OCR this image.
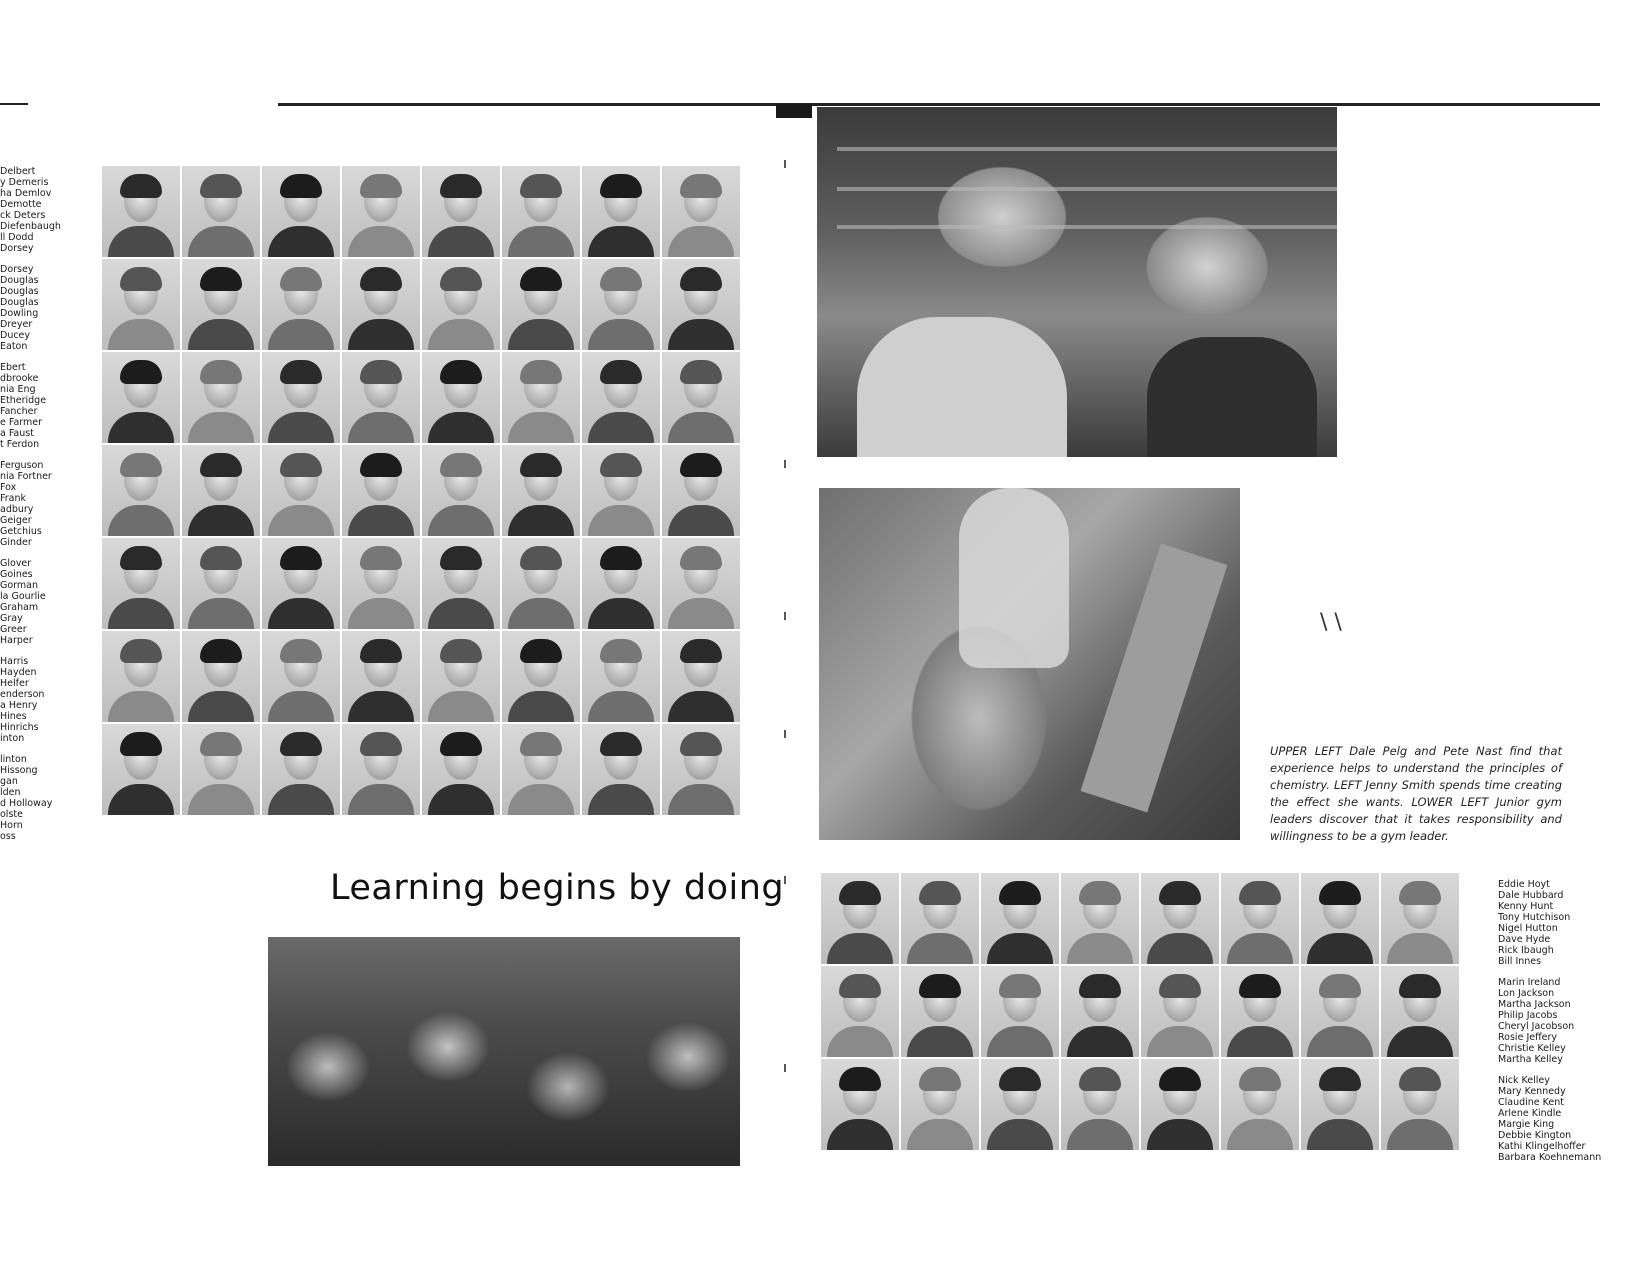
Delbert
y Demeris
ha Demlov
Demotte
ck Deters
Diefenbaugh
ll Dodd
Dorsey
Dorsey
Douglas
Douglas
Douglas
Dowling
Dreyer
Ducey
Eaton
Ebert
dbrooke
nia Eng
Etheridge
Fancher
e Farmer
a Faust
t Ferdon
Ferguson
nia Fortner
Fox
Frank
adbury
Geiger
Getchius
Ginder
Glover
Goines
Gorman
la Gourlie
Graham
Gray
Greer
Harper
Harris
Hayden
Helfer
enderson
a Henry
Hines
Hinrichs
inton
linton
Hissong
gan
lden
d Holloway
olste
Horn
oss
Learning begins by doing
\ \
UPPER LEFT Dale Pelg and Pete Nast find that experience helps to understand the principles of chemistry. LEFT Jenny Smith spends time creating the effect she wants. LOWER LEFT Junior gym leaders discover that it takes responsibility and willingness to be a gym leader.
Eddie Hoyt
Dale Hubbard
Kenny Hunt
Tony Hutchison
Nigel Hutton
Dave Hyde
Rick Ibaugh
Bill Innes
Marin Ireland
Lon Jackson
Martha Jackson
Philip Jacobs
Cheryl Jacobson
Rosie Jeffery
Christie Kelley
Martha Kelley
Nick Kelley
Mary Kennedy
Claudine Kent
Arlene Kindle
Margie King
Debbie Kington
Kathi Klingelhoffer
Barbara Koehnemann
